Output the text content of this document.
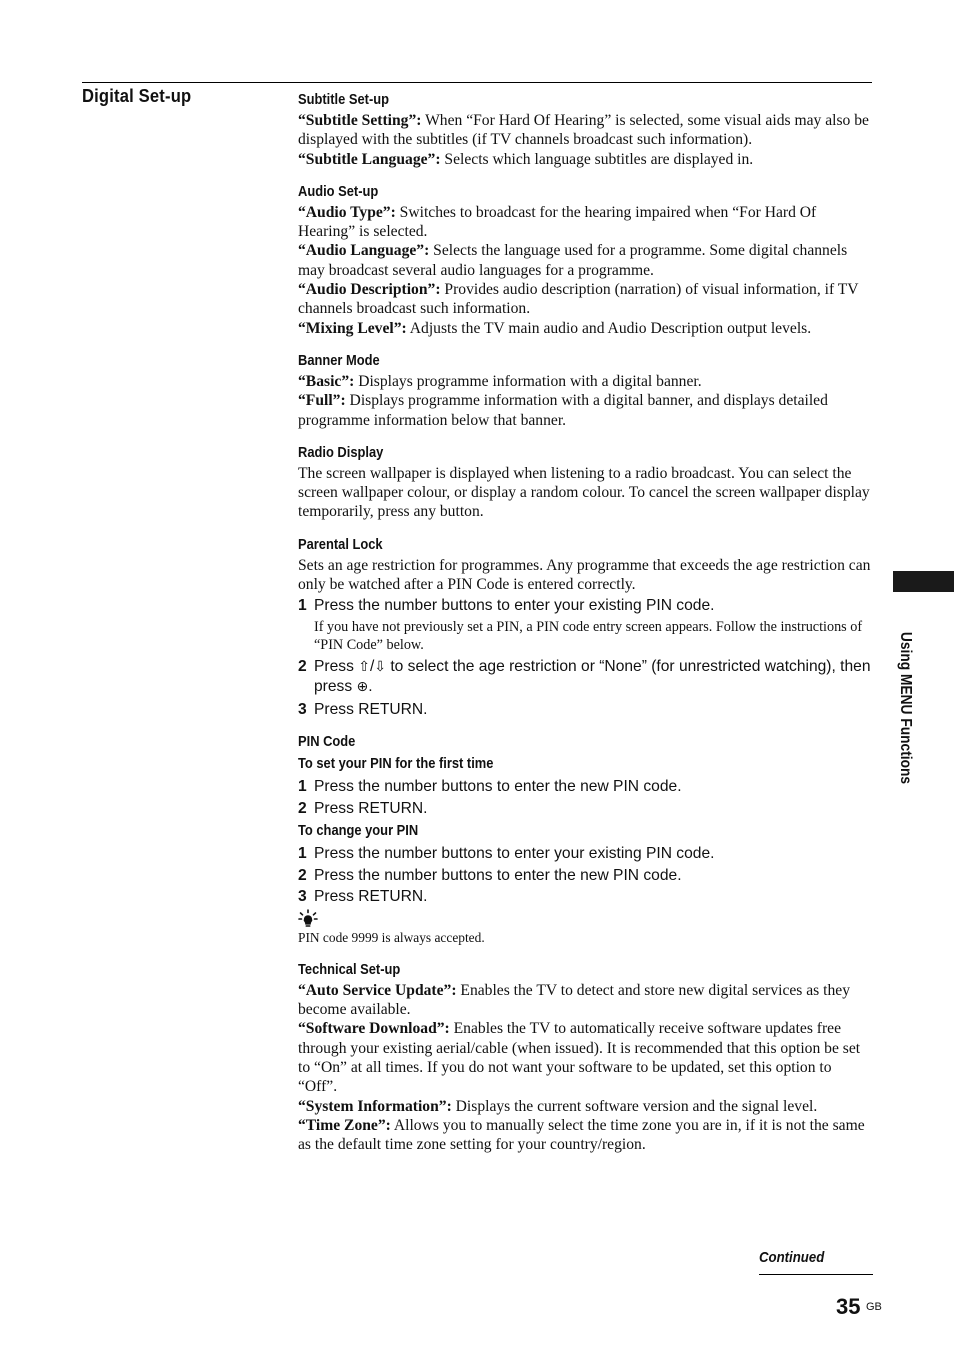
Digital Set-up	Subtitle Set-up
“Subtitle Setting”: When “For Hard Of Hearing” is selected, some visual aids may also be displayed with the subtitles (if TV channels broadcast such information).
“Subtitle Language”: Selects which language subtitles are displayed in.
Audio Set-up
“Audio Type”: Switches to broadcast for the hearing impaired when “For Hard Of Hearing” is selected.
“Audio Language”: Selects the language used for a programme. Some digital channels may broadcast several audio languages for a programme.
“Audio Description”: Provides audio description (narration) of visual information, if TV channels broadcast such information.
“Mixing Level”: Adjusts the TV main audio and Audio Description output levels.
Banner Mode
“Basic”: Displays programme information with a digital banner.
“Full”: Displays programme information with a digital banner, and displays detailed programme information below that banner.
Radio Display
The screen wallpaper is displayed when listening to a radio broadcast. You can select the screen wallpaper colour, or display a random colour. To cancel the screen wallpaper display temporarily, press any button.
Parental Lock
Sets an age restriction for programmes. Any programme that exceeds the age restriction can only be watched after a PIN Code is entered correctly.
1 Press the number buttons to enter your existing PIN code.
If you have not previously set a PIN, a PIN code entry screen appears. Follow the instructions of “PIN Code” below.
2 Press ⇧/⇩ to select the age restriction or “None” (for unrestricted watching), then press ⊕.
3 Press RETURN.
PIN Code
To set your PIN for the first time
1 Press the number buttons to enter the new PIN code.
2 Press RETURN.
To change your PIN
1 Press the number buttons to enter your existing PIN code.
2 Press the number buttons to enter the new PIN code.
3 Press RETURN.
PIN code 9999 is always accepted.
Technical Set-up
“Auto Service Update”: Enables the TV to detect and store new digital services as they become available.
“Software Download”: Enables the TV to automatically receive software updates free through your existing aerial/cable (when issued). It is recommended that this option be set to “On” at all times. If you do not want your software to be updated, set this option to “Off”.
“System Information”: Displays the current software version and the signal level.
“Time Zone”: Allows you to manually select the time zone you are in, if it is not the same as the default time zone setting for your country/region.
Using MENU Functions
Continued
35 GB
